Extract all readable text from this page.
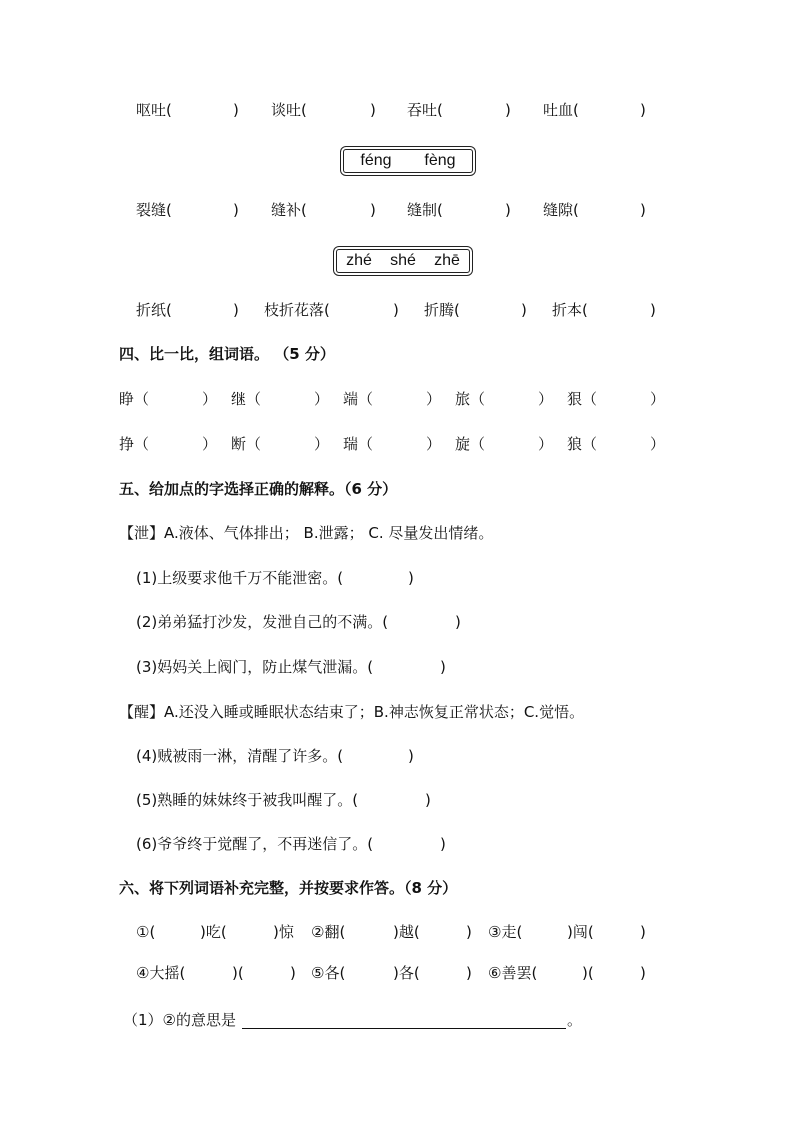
呕吐(	) 谈吐(	) 吞吐(	) 吐血(	)
féng fèng
裂缝(	) 缝补(	) 缝制(	) 缝隙(	)
zhé shé zhē
折纸(	) 枝折花落(	) 折腾(	) 折本(	)
四、比一比，组词语。 （5 分）
睁（	） 继（	） 端（	） 旅（	） 狠（	）
挣（	） 断（	） 瑞（	） 旋（	） 狼（	）
五、给加点的字选择正确的解释。（6 分）
【泄】A.液体、气体排出； B.泄露； C. 尽量发出情绪。
(1)上级要求他千万不能泄密。(	)
(2)弟弟猛打沙发，发泄自己的不满。(	)
(3)妈妈关上阀门，防止煤气泄漏。(	)
【醒】A.还没入睡或睡眠状态结束了；B.神志恢复正常状态；C.觉悟。
(4)贼被雨一淋，清醒了许多。(	)
(5)熟睡的妹妹终于被我叫醒了。(	)
(6)爷爷终于觉醒了，不再迷信了。(	)
六、将下列词语补充完整，并按要求作答。（8 分）
①(	)吃(	)惊 ②翻(	)越(	) ③走(	)闯(	)
④大摇(	)(	) ⑤各(	)各(	) ⑥善罢(	)(	)
（1）②的意思是	。
